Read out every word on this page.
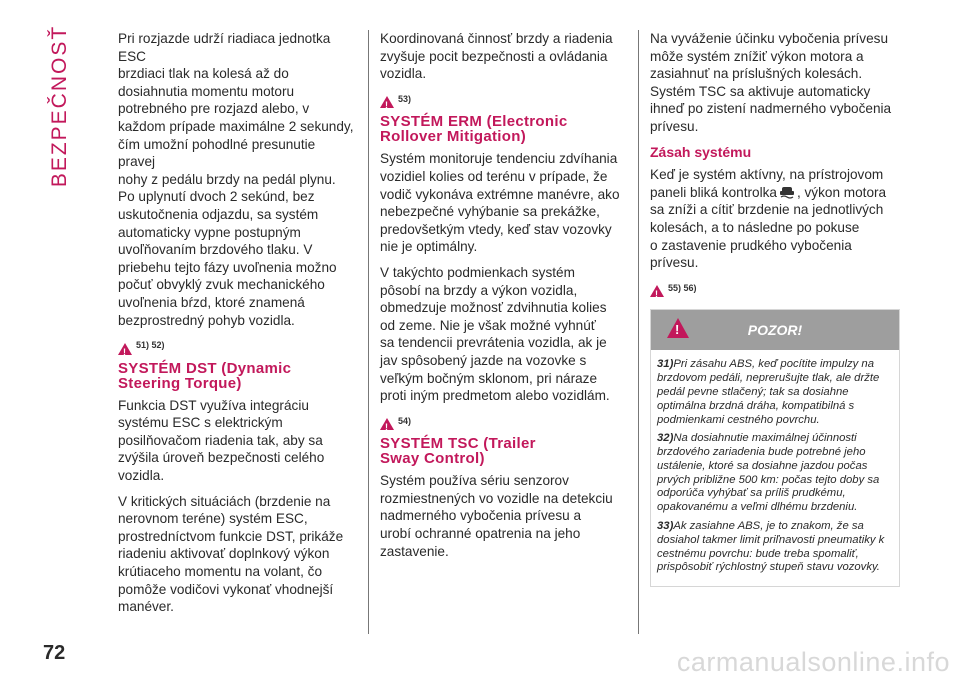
BEZPEČNOSŤ	Pri rozjazde udrží riadiaca jednotka ESC
brzdiaci tlak na kolesá až do
dosiahnutia momentu motoru
potrebného pre rozjazd alebo, v
každom prípade maximálne 2 sekundy,
čím umožní pohodlné presunutie pravej
nohy z pedálu brzdy na pedál plynu.
Po uplynutí dvoch 2 sekúnd, bez
uskutočnenia odjazdu, sa systém
automaticky vypne postupným
uvoľňovaním brzdového tlaku. V
priebehu tejto fázy uvoľnenia možno
počuť obvyklý zvuk mechanického
uvoľnenia bŕzd, ktoré znamená
bezprostredný pohyb vozidla.

!
51) 52)
SYSTÉM DST (Dynamic
Steering Torque)

Funkcia DST využíva integráciu
systému ESC s elektrickým
posilňovačom riadenia tak, aby sa
zvýšila úroveň bezpečnosti celého
vozidla.

V kritických situáciách (brzdenie na
nerovnom teréne) systém ESC,
prostredníctvom funkcie DST, prikáže
riadeniu aktivovať doplnkový výkon
krútiaceho momentu na volant, čo
pomôže vodičovi vykonať vhodnejší
manéver.

Koordinovaná činnosť brzdy a riadenia
zvyšuje pocit bezpečnosti a ovládania
vozidla.

!
53)
SYSTÉM ERM (Electronic
Rollover Mitigation)

Systém monitoruje tendenciu zdvíhania
vozidiel kolies od terénu v prípade, že
vodič vykonáva extrémne manévre, ako
nebezpečné vyhýbanie sa prekážke,
predovšetkým vtedy, keď stav vozovky
nie je optimálny.

V takýchto podmienkach systém
pôsobí na brzdy a výkon vozidla,
obmedzuje možnosť zdvihnutia kolies
od zeme. Nie je však možné vyhnúť
sa tendencii prevrátenia vozidla, ak je
jav spôsobený jazde na vozovke s
veľkým bočným sklonom, pri náraze
proti iným predmetom alebo vozidlám.

!
54)
SYSTÉM TSC (Trailer
Sway Control)

Systém používa sériu senzorov
rozmiestnených vo vozidle na detekciu
nadmerného vybočenia prívesu a
urobí ochranné opatrenia na jeho
zastavenie.

Na vyváženie účinku vybočenia prívesu
môže systém znížiť výkon motora a
zasiahnuť na príslušných kolesách.
Systém TSC sa aktivuje automaticky
ihneď po zistení nadmerného vybočenia
prívesu.

Zásah systému

Keď je systém aktívny, na prístrojovom
paneli bliká kontrolka , výkon motora
sa zníži a cítiť brzdenie na jednotlivých
kolesách, a to následne po pokuse
o zastavenie prudkého vybočenia
prívesu.

!
55) 56)
!
POZOR!

31)Pri zásahu ABS, keď pocítite impulzy na brzdovom pedáli, neprerušujte tlak, ale držte pedál pevne stlačený; tak sa dosiahne optimálna brzdná dráha, kompatibilná s podmienkami cestného povrchu.

32)Na dosiahnutie maximálnej účinnosti brzdového zariadenia bude potrebné jeho ustálenie, ktoré sa dosiahne jazdou počas prvých približne 500 km: počas tejto doby sa odporúča vyhýbať sa príliš prudkému, opakovanému a veľmi dlhému brzdeniu.

33)Ak zasiahne ABS, je to znakom, že sa dosiahol takmer limit priľnavosti pneumatiky k cestnému povrchu: bude treba spomaliť, prispôsobiť rýchlostný stupeň stavu vozovky.

72	carmanualsonline.info
